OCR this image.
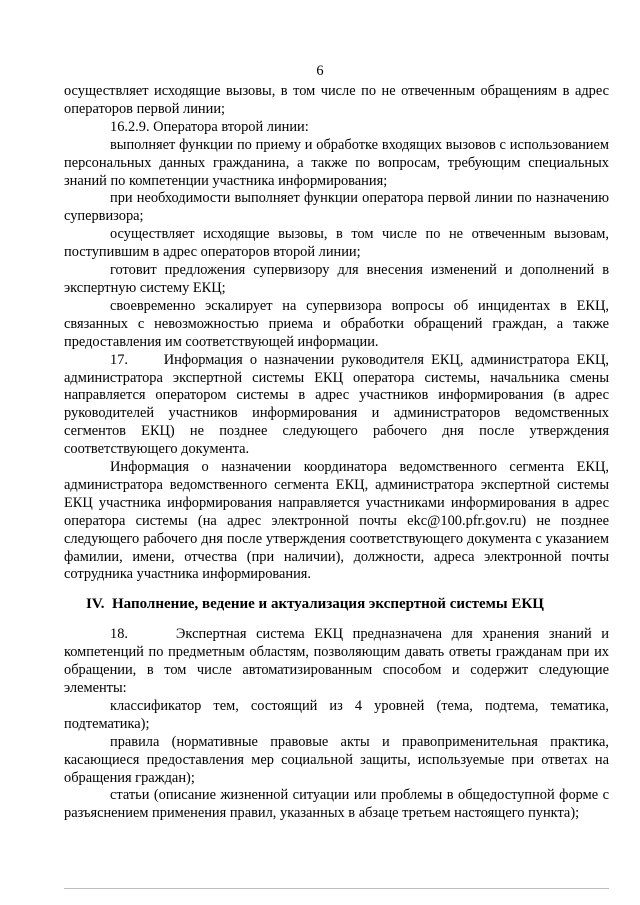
6

осуществляет исходящие вызовы, в том числе по не отвеченным обращениям в адрес операторов первой линии;

16.2.9. Оператора второй линии:

выполняет функции по приему и обработке входящих вызовов с использованием персональных данных гражданина, а также по вопросам, требующим специальных знаний по компетенции участника информирования;

при необходимости выполняет функции оператора первой линии по назначению супервизора;

осуществляет исходящие вызовы, в том числе по не отвеченным вызовам, поступившим в адрес операторов второй линии;

готовит предложения супервизору для внесения изменений и дополнений в экспертную систему ЕКЦ;

своевременно эскалирует на супервизора вопросы об инцидентах в ЕКЦ, связанных с невозможностью приема и обработки обращений граждан, а также предоставления им соответствующей информации.

17.     Информация о назначении руководителя ЕКЦ, администратора ЕКЦ, администратора экспертной системы ЕКЦ оператора системы, начальника смены направляется оператором системы в адрес участников информирования (в адрес руководителей участников информирования и администраторов ведомственных сегментов ЕКЦ) не позднее следующего рабочего дня после утверждения соответствующего документа.

Информация о назначении координатора ведомственного сегмента ЕКЦ, администратора ведомственного сегмента ЕКЦ, администратора экспертной системы ЕКЦ участника информирования направляется участниками информирования в адрес оператора системы (на адрес электронной почты ekc@100.pfr.gov.ru) не позднее следующего рабочего дня после утверждения соответствующего документа с указанием фамилии, имени, отчества (при наличии), должности, адреса электронной почты сотрудника участника информирования.

IV.  Наполнение, ведение и актуализация экспертной системы ЕКЦ

18.     Экспертная система ЕКЦ предназначена для хранения знаний и компетенций по предметным областям, позволяющим давать ответы гражданам при их обращении, в том числе автоматизированным способом и содержит следующие элементы:

классификатор тем, состоящий из 4 уровней (тема, подтема, тематика, подтематика);

правила (нормативные правовые акты и правоприменительная практика, касающиеся предоставления мер социальной защиты, используемые при ответах на обращения граждан);

статьи (описание жизненной ситуации или проблемы в общедоступной форме с разъяснением применения правил, указанных в абзаце третьем настоящего пункта);
